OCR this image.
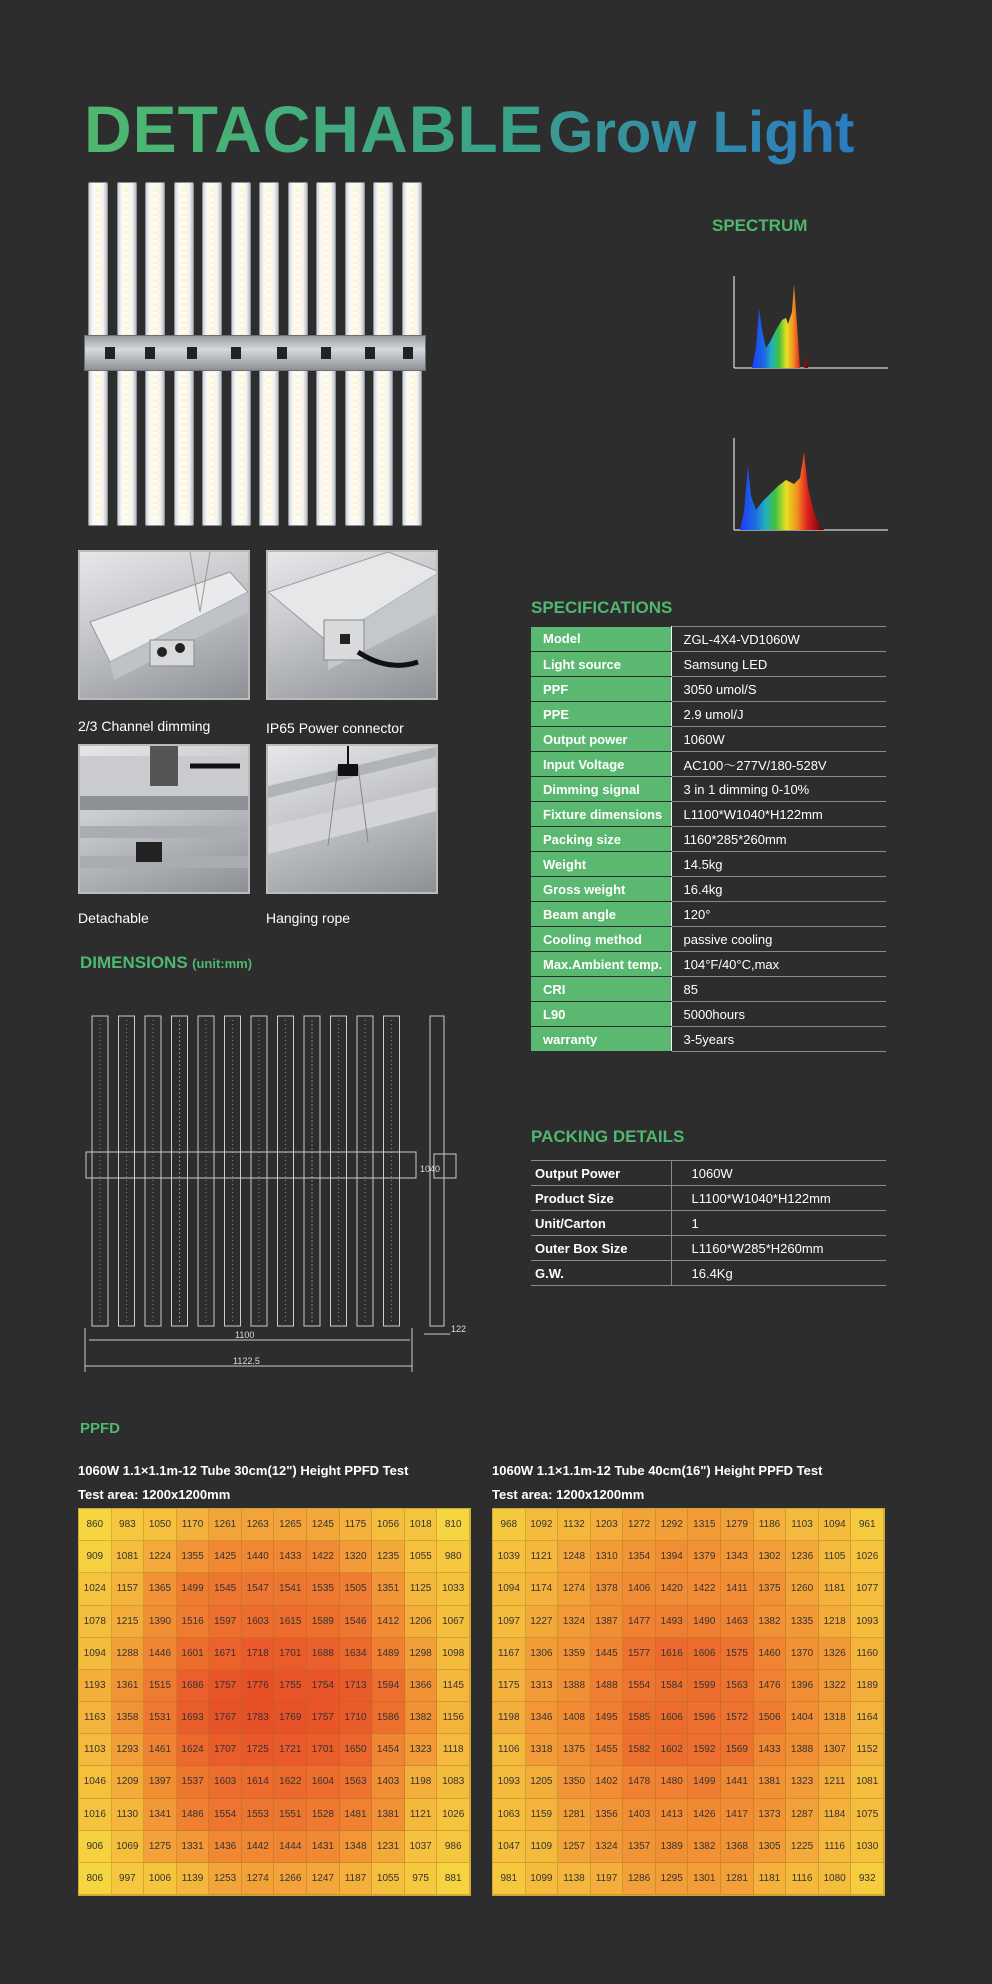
DETACHABLE Grow Light
SPECTRUM
2/3 Channel dimming	IP65 Power connector
Detachable	Hanging rope
DIMENSIONS (unit:mm)
1100
1122.5
1040
122
SPECIFICATIONS
Model	ZGL-4X4-VD1060W
Light source	Samsung LED
PPF	3050 umol/S
PPE	2.9 umol/J
Output power	1060W
Input Voltage	AC100～277V/180-528V
Dimming signal	3 in 1 dimming 0-10%
Fixture dimensions	L1100*W1040*H122mm
Packing size	1160*285*260mm
Weight	14.5kg
Gross weight	16.4kg
Beam angle	120°
Cooling method	passive cooling
Max.Ambient temp.	104°F/40°C,max
CRI	85
L90	5000hours
warranty	3-5years
PACKING DETAILS
Output Power	1060W
Product Size	L1100*W1040*H122mm
Unit/Carton	1
Outer Box Size	L1160*W285*H260mm
G.W.	16.4Kg
PPFD
1060W 1.1×1.1m-12 Tube 30cm(12") Height PPFD Test
Test area: 1200x1200mm
1060W 1.1×1.1m-12 Tube 40cm(16") Height PPFD Test
Test area: 1200x1200mm
860	983	1050	1170	1261	1263	1265	1245	1175	1056	1018	810
909	1081	1224	1355	1425	1440	1433	1422	1320	1235	1055	980
1024	1157	1365	1499	1545	1547	1541	1535	1505	1351	1125	1033
1078	1215	1390	1516	1597	1603	1615	1589	1546	1412	1206	1067
1094	1288	1446	1601	1671	1718	1701	1688	1634	1489	1298	1098
1193	1361	1515	1686	1757	1776	1755	1754	1713	1594	1366	1145
1163	1358	1531	1693	1767	1783	1769	1757	1710	1586	1382	1156
1103	1293	1461	1624	1707	1725	1721	1701	1650	1454	1323	1118
1046	1209	1397	1537	1603	1614	1622	1604	1563	1403	1198	1083
1016	1130	1341	1486	1554	1553	1551	1528	1481	1381	1121	1026
906	1069	1275	1331	1436	1442	1444	1431	1348	1231	1037	986
806	997	1006	1139	1253	1274	1266	1247	1187	1055	975	881
968	1092	1132	1203	1272	1292	1315	1279	1186	1103	1094	961
1039	1121	1248	1310	1354	1394	1379	1343	1302	1236	1105	1026
1094	1174	1274	1378	1406	1420	1422	1411	1375	1260	1181	1077
1097	1227	1324	1387	1477	1493	1490	1463	1382	1335	1218	1093
1167	1306	1359	1445	1577	1616	1606	1575	1460	1370	1326	1160
1175	1313	1388	1488	1554	1584	1599	1563	1476	1396	1322	1189
1198	1346	1408	1495	1585	1606	1596	1572	1506	1404	1318	1164
1106	1318	1375	1455	1582	1602	1592	1569	1433	1388	1307	1152
1093	1205	1350	1402	1478	1480	1499	1441	1381	1323	1211	1081
1063	1159	1281	1356	1403	1413	1426	1417	1373	1287	1184	1075
1047	1109	1257	1324	1357	1389	1382	1368	1305	1225	1116	1030
981	1099	1138	1197	1286	1295	1301	1281	1181	1116	1080	932
